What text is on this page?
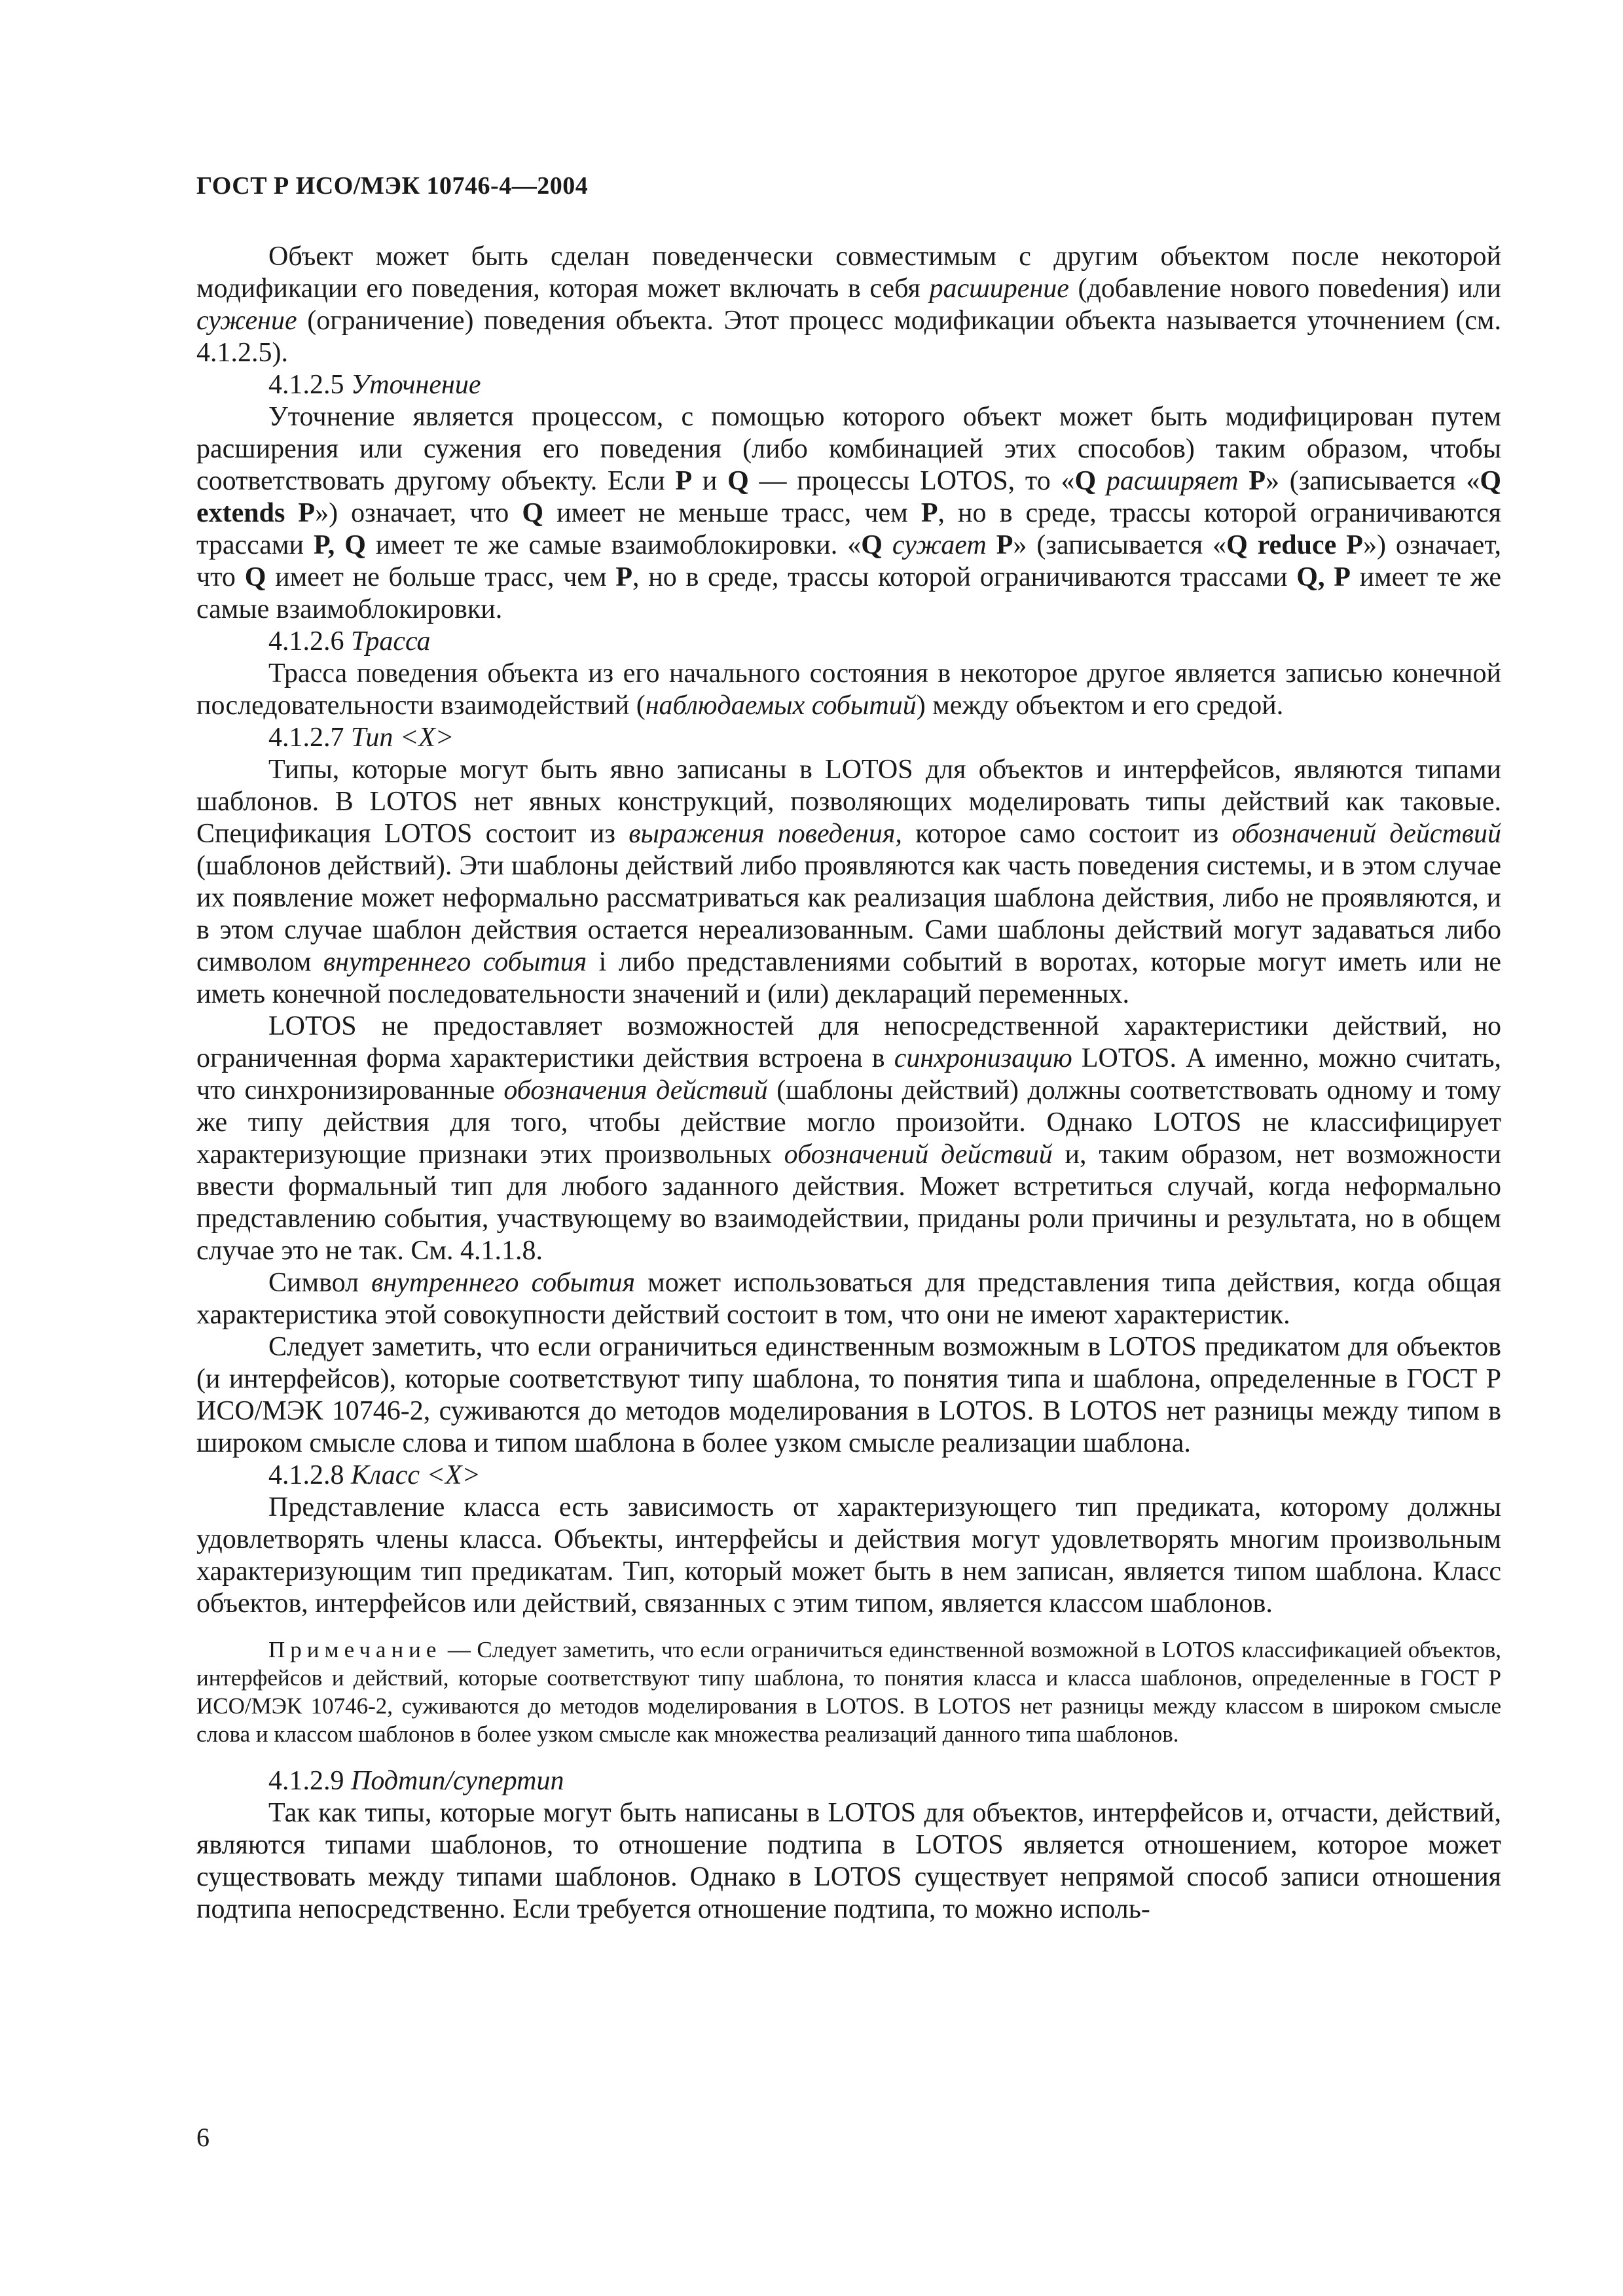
ГОСТ Р ИСО/МЭК 10746-4—2004

Объект может быть сделан поведенчески совместимым с другим объектом после некоторой модификации его поведения, которая может включать в себя расширение (добавление нового повеdения) или сужение (ограничение) поведения объекта. Этот процесс модификации объекта называется уточнением (см. 4.1.2.5).

4.1.2.5 Уточнение

Уточнение является процессом, с помощью которого объект может быть модифицирован путем расширения или сужения его поведения (либо комбинацией этих способов) таким образом, чтобы соответствовать другому объекту. Если P и Q — процессы LOTOS, то «Q расширяет P» (записывается «Q extends P») означает, что Q имеет не меньше трасс, чем P, но в среде, трассы которой ограничиваются трассами P, Q имеет те же самые взаимоблокировки. «Q сужает P» (записывается «Q reduce P») означает, что Q имеет не больше трасс, чем P, но в среде, трассы которой ограничиваются трассами Q, P имеет те же самые взаимоблокировки.

4.1.2.6 Трасса

Трасса поведения объекта из его начального состояния в некоторое другое является записью конечной последовательности взаимодействий (наблюдаемых событий) между объектом и его средой.

4.1.2.7 Тип <X>

Типы, которые могут быть явно записаны в LOTOS для объектов и интерфейсов, являются типами шаблонов. В LOTOS нет явных конструкций, позволяющих моделировать типы действий как таковые. Спецификация LOTOS состоит из выражения поведения, которое само состоит из обозначений действий (шаблонов действий). Эти шаблоны действий либо проявляются как часть поведения системы, и в этом случае их появление может неформально рассматриваться как реализация шаблона действия, либо не проявляются, и в этом случае шаблон действия остается нереализованным. Сами шаблоны действий могут задаваться либо символом внутреннего события i либо представлениями событий в воротах, которые могут иметь или не иметь конечной последовательности значений и (или) деклараций переменных.

LOTOS не предоставляет возможностей для непосредственной характеристики действий, но ограниченная форма характеристики действия встроена в синхронизацию LOTOS. А именно, можно считать, что синхронизированные обозначения действий (шаблоны действий) должны соответствовать одному и тому же типу действия для того, чтобы действие могло произойти. Однако LOTOS не классифицирует характеризующие признаки этих произвольных обозначений действий и, таким образом, нет возможности ввести формальный тип для любого заданного действия. Может встретиться случай, когда неформально представлению события, участвующему во взаимодействии, приданы роли причины и результата, но в общем случае это не так. См. 4.1.1.8.

Символ внутреннего события может использоваться для представления типа действия, когда общая характеристика этой совокупности действий состоит в том, что они не имеют характеристик.

Следует заметить, что если ограничиться единственным возможным в LOTOS предикатом для объектов (и интерфейсов), которые соответствуют типу шаблона, то понятия типа и шаблона, определенные в ГОСТ Р ИСО/МЭК 10746-2, суживаются до методов моделирования в LOTOS. В LOTOS нет разницы между типом в широком смысле слова и типом шаблона в более узком смысле реализации шаблона.

4.1.2.8 Класс <X>

Представление класса есть зависимость от характеризующего тип предиката, которому должны удовлетворять члены класса. Объекты, интерфейсы и действия могут удовлетворять многим произвольным характеризующим тип предикатам. Тип, который может быть в нем записан, является типом шаблона. Класс объектов, интерфейсов или действий, связанных с этим типом, является классом шаблонов.

Примечание — Следует заметить, что если ограничиться единственной возможной в LOTOS классификацией объектов, интерфейсов и действий, которые соответствуют типу шаблона, то понятия класса и класса шаблонов, определенные в ГОСТ Р ИСО/МЭК 10746-2, суживаются до методов моделирования в LOTOS. В LOTOS нет разницы между классом в широком смысле слова и классом шаблонов в более узком смысле как множества реализаций данного типа шаблонов.

4.1.2.9 Подтип/супертип

Так как типы, которые могут быть написаны в LOTOS для объектов, интерфейсов и, отчасти, действий, являются типами шаблонов, то отношение подтипа в LOTOS является отношением, которое может существовать между типами шаблонов. Однако в LOTOS существует непрямой способ записи отношения подтипа непосредственно. Если требуется отношение подтипа, то можно исполь-

6
